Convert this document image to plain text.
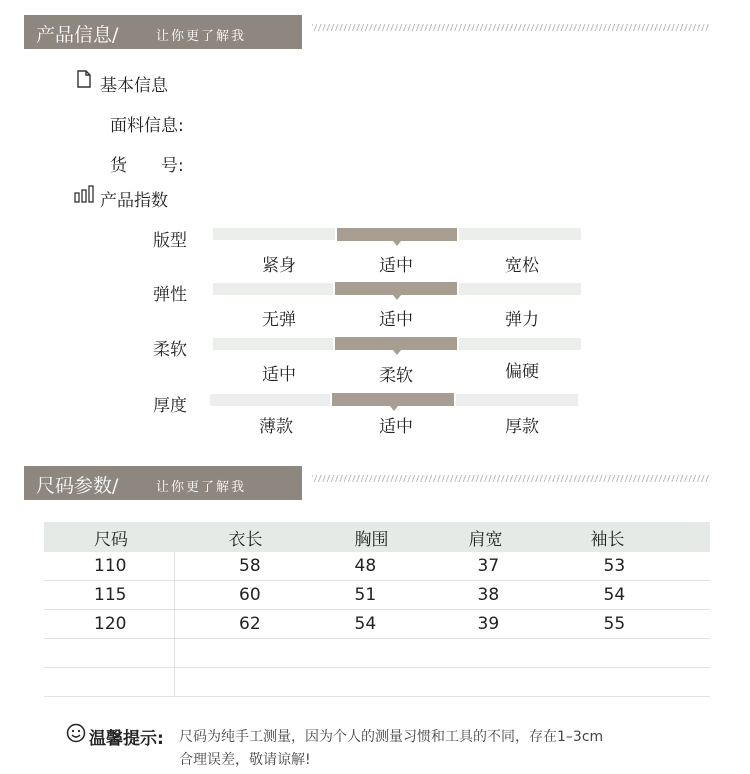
产品信息/	让你更了解我
基本信息
面料信息:
货　　号:
产品指数
版型
紧身	适中	宽松
弹性
无弹	适中	弹力
柔软
适中	柔软	偏硬
厚度
薄款	适中	厚款
尺码参数/	让你更了解我
尺码	衣长	胸围	肩宽	袖长
110	58	48	37	53
115	60	51	38	54
120	62	54	39	55

温馨提示: 尺码为纯手工测量，因为个人的测量习惯和工具的不同，存在1–3cm
合理误差，敬请谅解!
